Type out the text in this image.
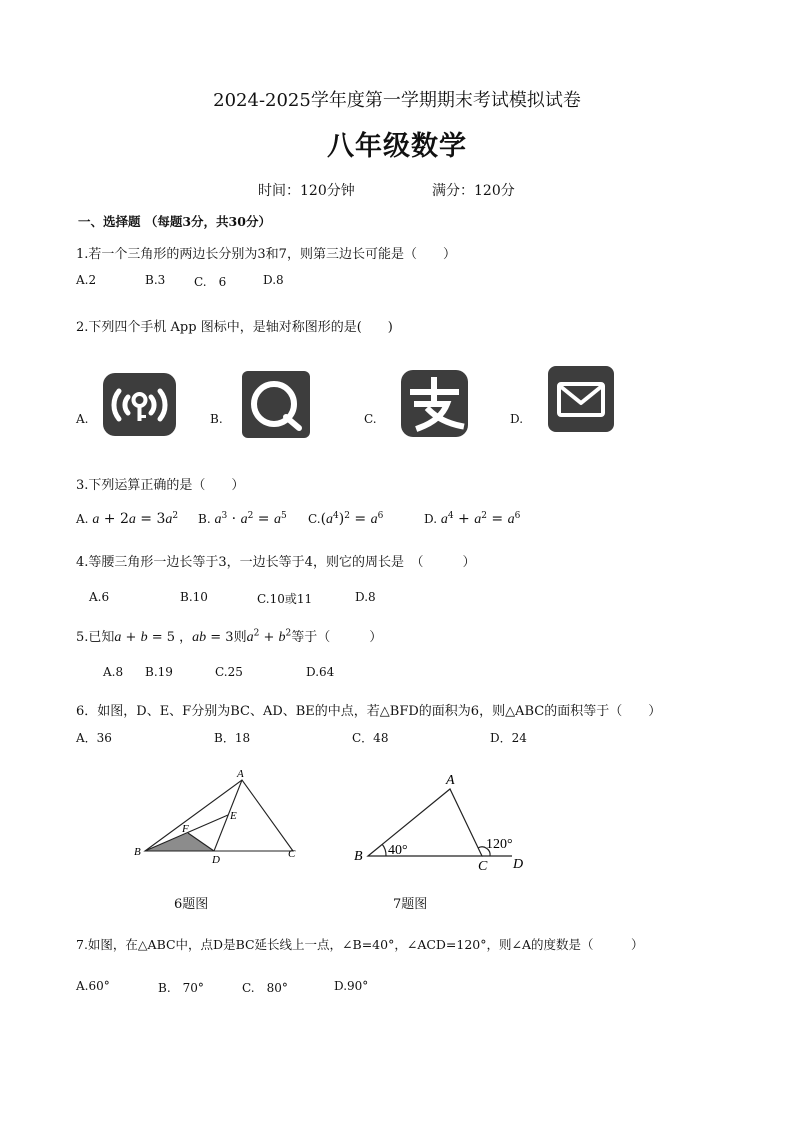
2024-2025学年度第一学期期末考试模拟试卷
八年级数学
时间：120分钟	满分：120分
一、选择题 （每题3分，共30分）
1.若一个三角形的两边长分别为3和7，则第三边长可能是（　　）
A.2	B.3 C.　6	D.8
2.下列四个手机 App 图标中，是轴对称图形的是(　　)
A.	B.	C.	D.
3.下列运算正确的是（　　）
A. $a + 2a = 3a^2$ B. $a^3 \cdot a^2 = a^5$ $C.(a^4)^2 = a^6$	D. $a^4 + a^2 = a^6$
4.等腰三角形一边长等于3，一边长等于4，则它的周长是　（　　　）
A.6	B.10	C.10或11	D.8
5.已知a + b = 5 ，ab = 3则$a^2 + b^2$等于（　　　）
A.8 B.19	C.25	D.64
6．如图，D、E、F分别为BC、AD、BE的中点，若△BFD的面积为6，则△ABC的面积等于（　　）
A．36	B．18	C．48	D．24
A
B	C
D
E
F
6题图
A
B
C D
40°	120°
7题图
7.如图，在△ABC中，点D是BC延长线上一点，∠B=40°，∠ACD=120°，则∠A的度数是（　　　）
A.60°	B.　70°	C.　80°	D.90°
